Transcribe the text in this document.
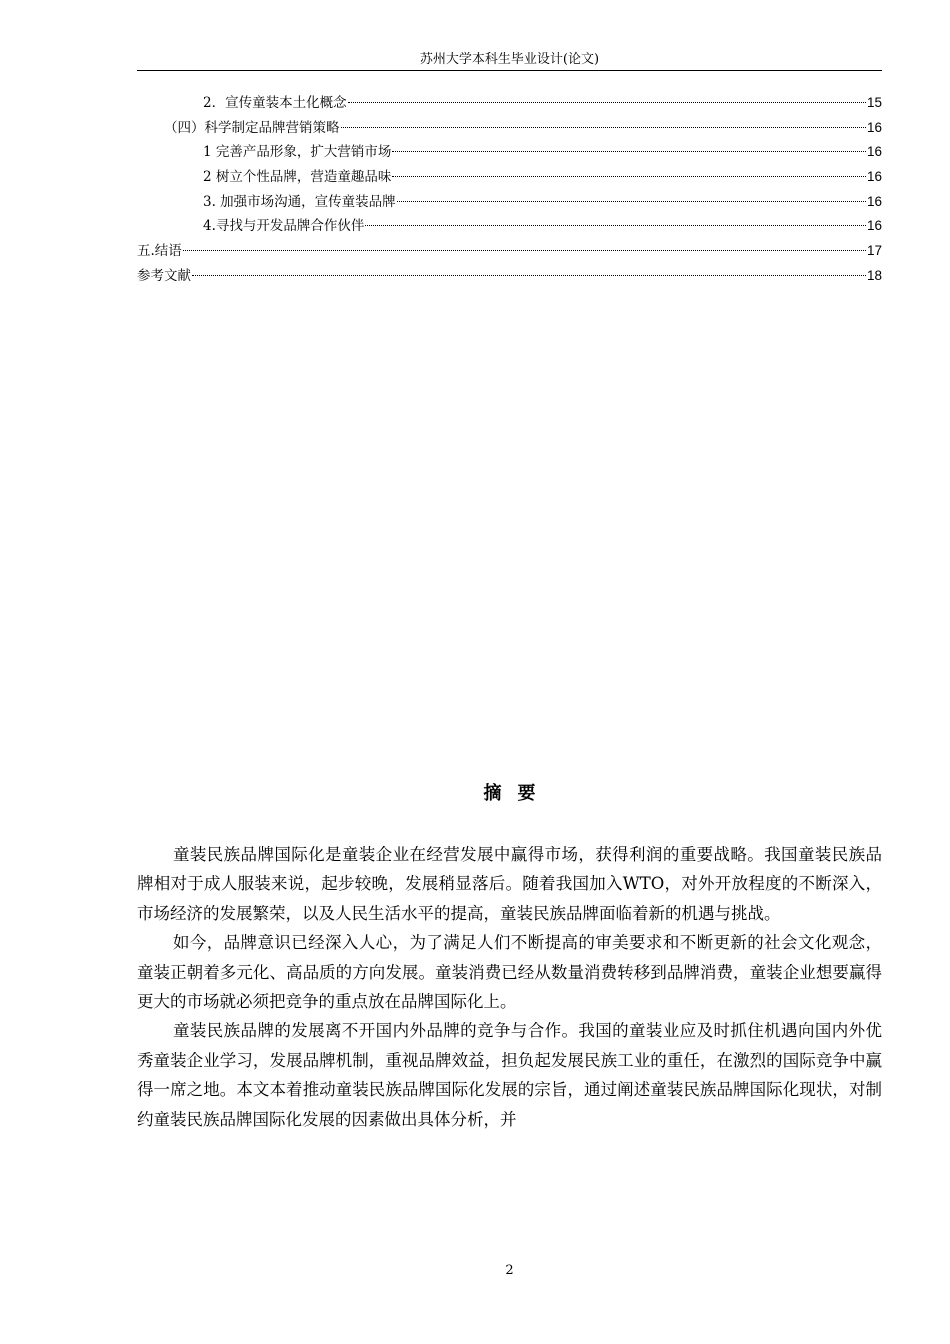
苏州大学本科生毕业设计(论文)
2．宣传童装本土化概念	15
（四）科学制定品牌营销策略	16
1 完善产品形象，扩大营销市场	16
2 树立个性品牌，营造童趣品味	16
3. 加强市场沟通，宣传童装品牌	16
4.寻找与开发品牌合作伙伴	16
五.结语	17
参考文献	18
摘要

童装民族品牌国际化是童装企业在经营发展中赢得市场，获得利润的重要战略。我国童装民族品牌相对于成人服装来说，起步较晚，发展稍显落后。随着我国加入WTO，对外开放程度的不断深入，市场经济的发展繁荣，以及人民生活水平的提高，童装民族品牌面临着新的机遇与挑战。

如今，品牌意识已经深入人心，为了满足人们不断提高的审美要求和不断更新的社会文化观念，童装正朝着多元化、高品质的方向发展。童装消费已经从数量消费转移到品牌消费，童装企业想要赢得更大的市场就必须把竞争的重点放在品牌国际化上。

童装民族品牌的发展离不开国内外品牌的竞争与合作。我国的童装业应及时抓住机遇向国内外优秀童装企业学习，发展品牌机制，重视品牌效益，担负起发展民族工业的重任，在激烈的国际竞争中赢得一席之地。本文本着推动童装民族品牌国际化发展的宗旨，通过阐述童装民族品牌国际化现状，对制约童装民族品牌国际化发展的因素做出具体分析，并

2
